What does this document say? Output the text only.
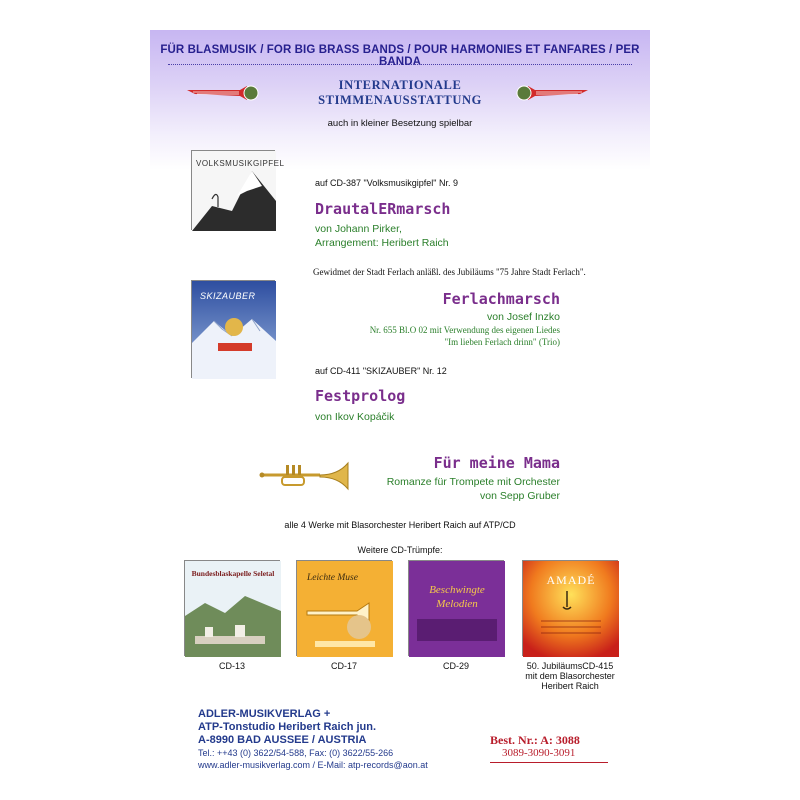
FÜR BLASMUSIK / FOR BIG BRASS BANDS / POUR HARMONIES ET FANFARES / PER BANDA
INTERNATIONALE
STIMMENAUSSTATTUNG
auch in kleiner Besetzung spielbar
VOLKSMUSIKGIPFEL
auf CD-387 "Volksmusikgipfel" Nr. 9
DrautalERmarsch
von Johann Pirker,
Arrangement: Heribert Raich
Gewidmet der Stadt Ferlach anläßl. des Jubiläums "75 Jahre Stadt Ferlach".
SKIZAUBER	Ferlachmarsch
von Josef Inzko
Nr. 655 Bl.O 02 mit Verwendung des eigenen Liedes
"Im lieben Ferlach drinn" (Trio)
auf CD-411 "SKIZAUBER" Nr. 12
Festprolog
von Ikov Kopáčik
Für meine Mama
Romanze für Trompete mit Orchester
von Sepp Gruber
alle 4 Werke mit Blasorchester Heribert Raich auf ATP/CD
Weitere CD-Trümpfe:
Bundesblaskapelle Seletal
CD-13
Leichte Muse
CD-17
Beschwingte Melodien
CD-29
AMADÉ
50. JubiläumsCD-415
mit dem Blasorchester
Heribert Raich
ADLER-MUSIKVERLAG +
ATP-Tonstudio Heribert Raich jun.
A-8990 BAD AUSSEE / AUSTRIA
Tel.: ++43 (0) 3622/54-588, Fax: (0) 3622/55-266
www.adler-musikverlag.com / E-Mail: atp-records@aon.at
Best. Nr.: A: 3088
3089-3090-3091
